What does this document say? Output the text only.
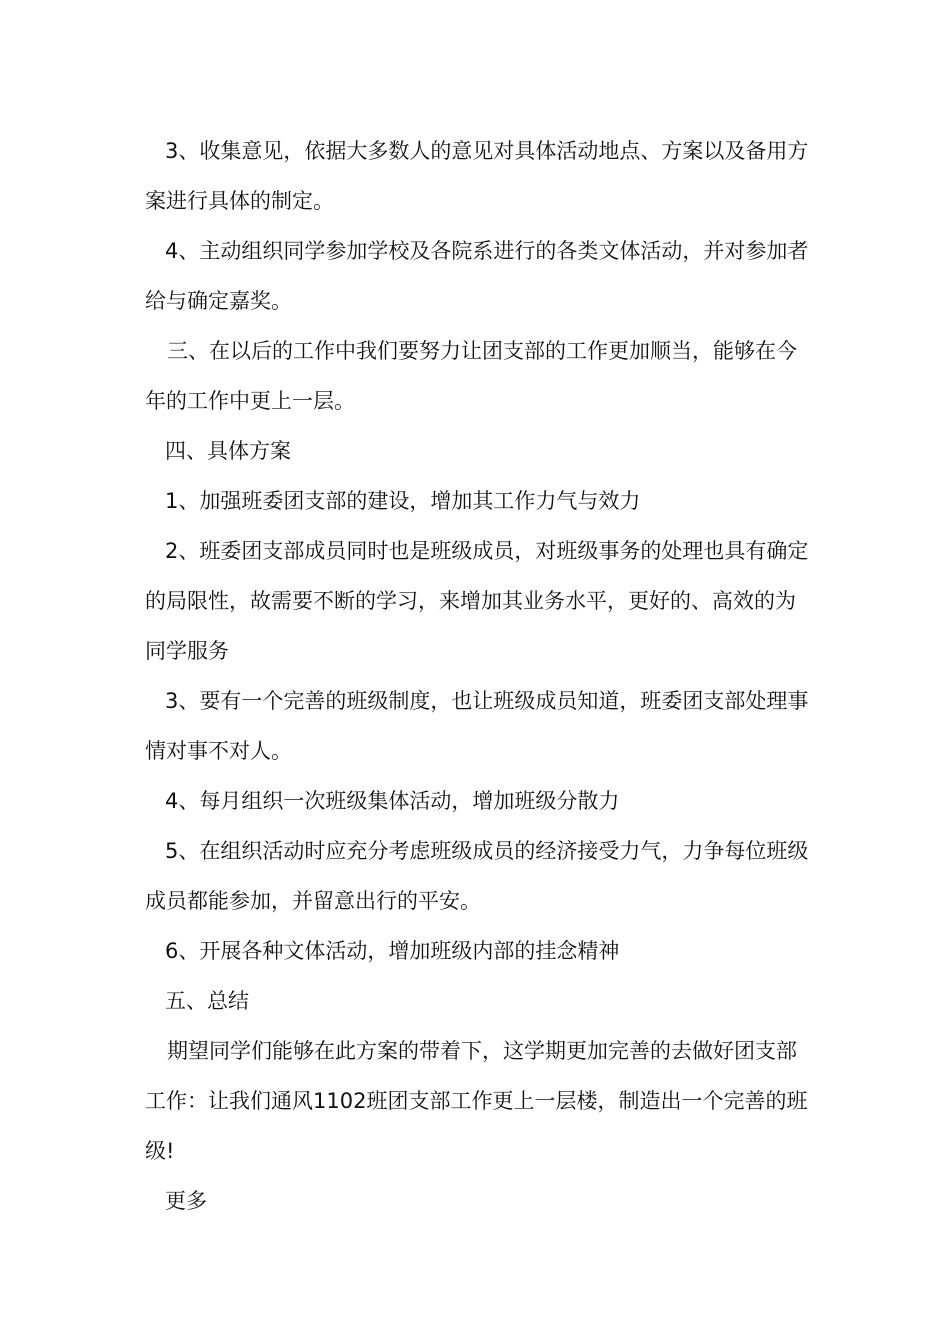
3、收集意见，依据大多数人的意见对具体活动地点、方案以及备用方案进行具体的制定。

4、主动组织同学参加学校及各院系进行的各类文体活动，并对参加者给与确定嘉奖。

三、在以后的工作中我们要努力让团支部的工作更加顺当，能够在今年的工作中更上一层。

四、具体方案

1、加强班委团支部的建设，增加其工作力气与效力

2、班委团支部成员同时也是班级成员，对班级事务的处理也具有确定的局限性，故需要不断的学习，来增加其业务水平，更好的、高效的为同学服务

3、要有一个完善的班级制度，也让班级成员知道，班委团支部处理事情对事不对人。

4、每月组织一次班级集体活动，增加班级分散力

5、在组织活动时应充分考虑班级成员的经济接受力气，力争每位班级成员都能参加，并留意出行的平安。

6、开展各种文体活动，增加班级内部的挂念精神

五、总结

期望同学们能够在此方案的带着下，这学期更加完善的去做好团支部工作：让我们通风1102班团支部工作更上一层楼，制造出一个完善的班级!

更多
